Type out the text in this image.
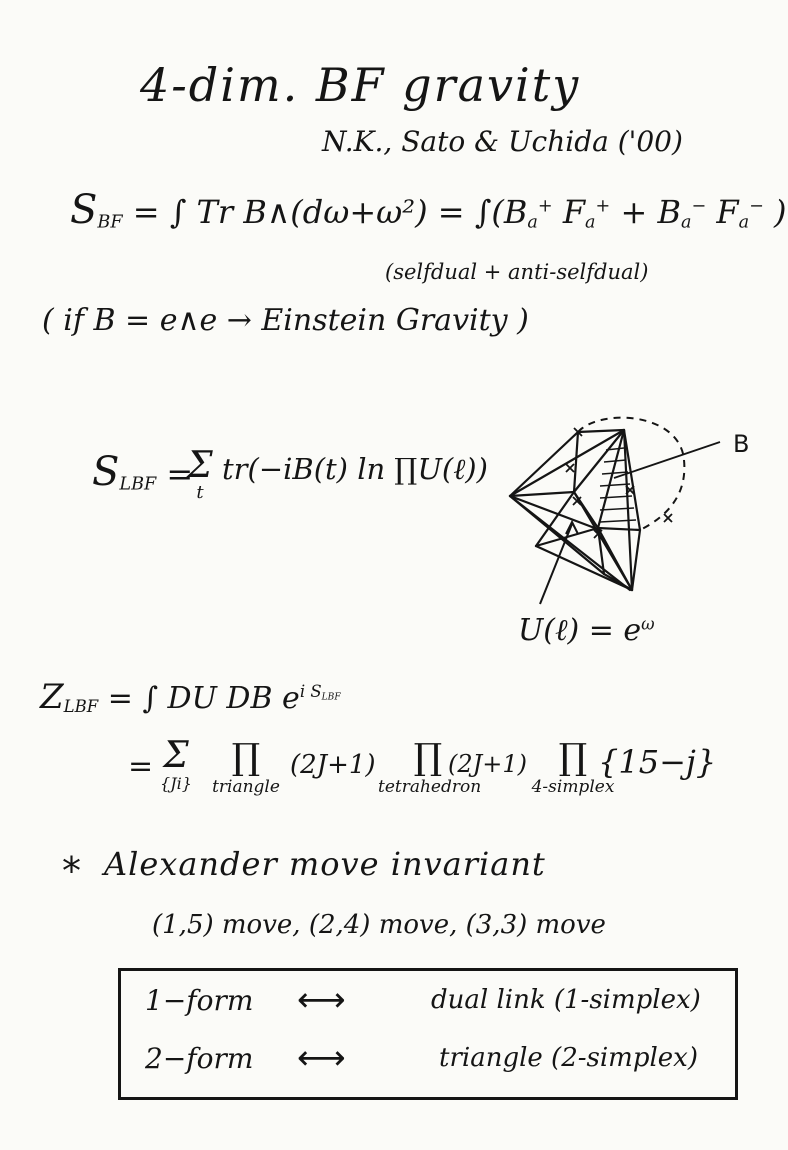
4-dim. BF gravity
N.K., Sato & Uchida ('00)
$S_{BF}$ = ∫ Tr B∧(dω+ω²) = $\int(B_a^+$ $F_a^+ + B_a^-$ $F_a^-$ )
(selfdual + anti-selfdual)
( if B = e∧e → Einstein Gravity )
$S_{LBF}$ =
Σ
t
tr(−iB(t) ln ∏U(ℓ))
B
U(ℓ) = $e^\omega$
$Z_{LBF}$ = ∫ DU DB $e^{i S_{LBF}}$
= Σ
{Ji}
∏
triangle
(2J+1)	∏
tetrahedron
(2J+1) ∏
4-simplex
{15−j}
* Alexander move invariant
(1,5) move, (2,4) move, (3,3) move
1−form ⟷	dual link (1-simplex)
2−form ⟷	triangle (2-simplex)
